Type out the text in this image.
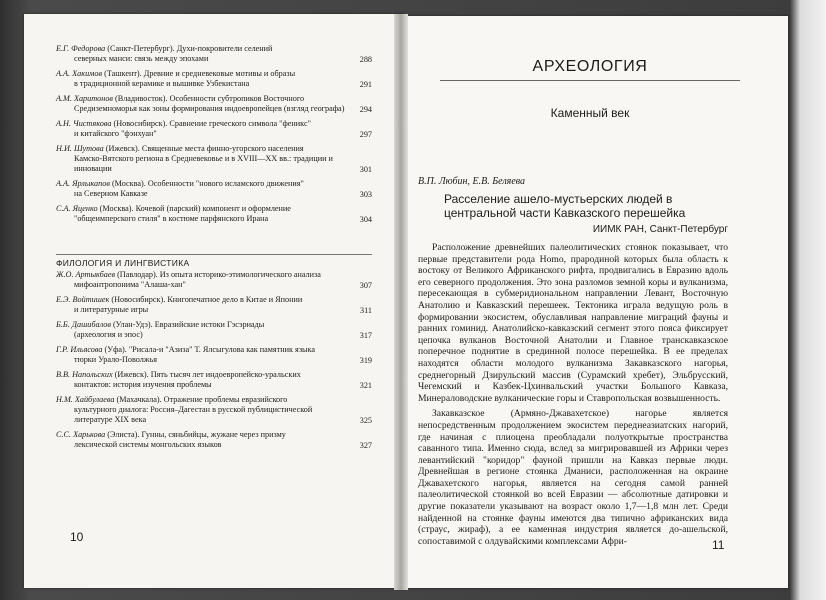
Е.Г. Федорова (Санкт-Петербург). Духи-покровители селений
северных манси: связь между эпохами	288
А.А. Хакимов (Ташкент). Древние и средневековые мотивы и образы
в традиционной керамике и вышивке Узбекистана	291
А.М. Харитонов (Владивосток). Особенности субтропиков Восточного
Средиземноморья как зоны формирования индоевропейцев (взгляд географа) 294
А.Н. Чистякова (Новосибирск). Сравнение греческого символа "феникс"
и китайского "фэнхуан"	297
Н.И. Шутова (Ижевск). Священные места финно-угорского населения
Камско-Вятского региона в Средневековье и в XVIII—XX вв.: традиции и инновации	301
А.А. Ярлыкапов (Москва). Особенности "нового исламского движения"
на Северном Кавказе	303
С.А. Яценко (Москва). Кочевой (парский) компонент и оформление
"общеимперского стиля" в костюме парфянского Ирана	304
ФИЛОЛОГИЯ И ЛИНГВИСТИКА
Ж.О. Артыкбаев (Павлодар). Из опыта историко-этимологического анализа
мифоантропонима "Алаша-хан"	307
Е.Э. Войтишек (Новосибирск). Книгопечатное дело в Китае и Японии
и литературные игры	311
Б.Б. Дашибалов (Улан-Удэ). Евразийские истоки Гэсэриады
(археология и эпос)	317
Г.Р. Ильясова (Уфа). "Рисала-и "Азиза" Т. Ялсыгулова как памятник языка
тюрки Урало-Поволжья	319
В.В. Напольских (Ижевск). Пять тысяч лет индоевропейско-уральских
контактов: история изучения проблемы	321
Н.М. Хайбулаева (Махачкала). Отражение проблемы евразийского
культурного диалога: Россия–Дагестан в русской публицистической литературе XIX века	325
С.С. Харькова (Элиста). Гунны, сяньбийцы, жужане через призму
лексической системы монгольских языков	327
10
АРХЕОЛОГИЯ
Каменный век
В.П. Любин, Е.В. Беляева
Расселение ашело-мустьерских людей в центральной части Кавказского перешейка
ИИМК РАН, Санкт-Петербург

Расположение древнейших палеолитических стоянок показывает, что первые представители рода Homo, прародиной которых была область к востоку от Великого Африканского рифта, продвигались в Евразию вдоль его северного продолжения. Это зона разломов земной коры и вулканизма, пересекающая в субмеридиональном направлении Левант, Восточную Анатолию и Кавказский перешеек. Тектоника играла ведущую роль в формировании экосистем, обуславливая направление миграций фауны и ранних гоминид. Анатолийско-кавказский сегмент этого пояса фиксирует цепочка вулканов Восточной Анатолии и Главное транскавказское поперечное поднятие в срединной полосе перешейка. В ее пределах находятся области молодого вулканизма Закавказского нагорья, среднегорный Дзирульский массив (Сурамский хребет), Эльбрусский, Чегемский и Казбек-Цхинвальский участки Большого Кавказа, Минераловодские вулканические горы и Ставропольская возвышенность.

Закавказское (Армяно-Джавахетское) нагорье является непосредственным продолжением экосистем переднеазиатских нагорий, где начиная с плиоцена преобладали полуоткрытые пространства саванного типа. Именно сюда, вслед за мигрировавшей из Африки через левантийский "коридор" фауной пришли на Кавказ первые люди. Древнейшая в регионе стоянка Дманиси, расположенная на окраине Джавахетского нагорья, является на сегодня самой ранней палеолитической стоянкой во всей Евразии — абсолютные датировки и другие показатели указывают на возраст около 1,7—1,8 млн лет. Среди найденной на стоянке фауны имеются два типично африканских вида (страус, жираф), а ее каменная индустрия является до-ашельской, сопоставимой с олдувайскими комплексами Афри-	11
